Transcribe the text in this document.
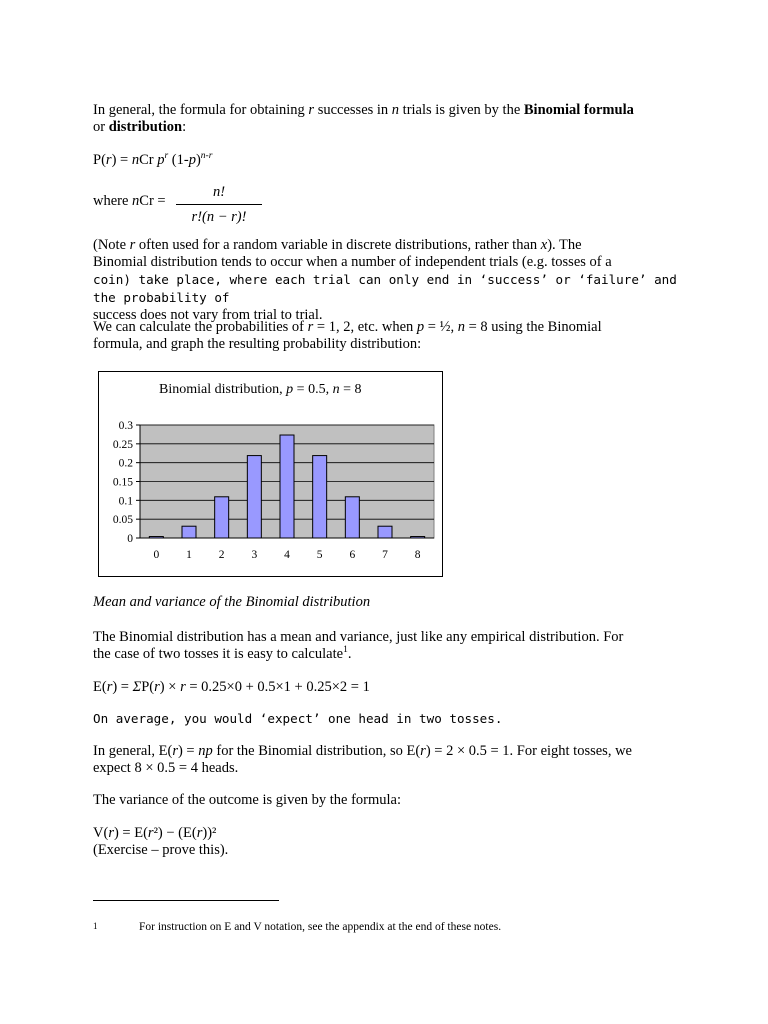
In general, the formula for obtaining r successes in n trials is given by the Binomial formula
or distribution:

P(r) = nCr $p^r$ $(1-p)^{n-r}$

where nCr =

n!
r!(n − r)!

(Note r often used for a random variable in discrete distributions, rather than x). The
Binomial distribution tends to occur when a number of independent trials (e.g. tosses of a
coin) take place, where each trial can only end in ‘success’ or ‘failure’ and the probability of
success does not vary from trial to trial.

We can calculate the probabilities of r = 1, 2, etc. when p = ½, n = 8 using the Binomial
formula, and graph the resulting probability distribution:

Binomial distribution, p = 0.5, n = 8
0
0.05
0.1
0.15
0.2
0.25
0.3
0 1 2 3 4 5 6 7 8

Mean and variance of the Binomial distribution

The Binomial distribution has a mean and variance, just like any empirical distribution. For
the case of two tosses it is easy to calculate$^1$.

E(r) = ΣP(r) × r = 0.25×0 + 0.5×1 + 0.25×2 = 1

On average, you would ‘expect’ one head in two tosses.

In general, E(r) = np for the Binomial distribution, so E(r) = 2 × 0.5 = 1. For eight tosses, we
expect 8 × 0.5 = 4 heads.

The variance of the outcome is given by the formula:

V(r) = E(r²) − (E(r))²
(Exercise – prove this).

1	For instruction on E and V notation, see the appendix at the end of these notes.
